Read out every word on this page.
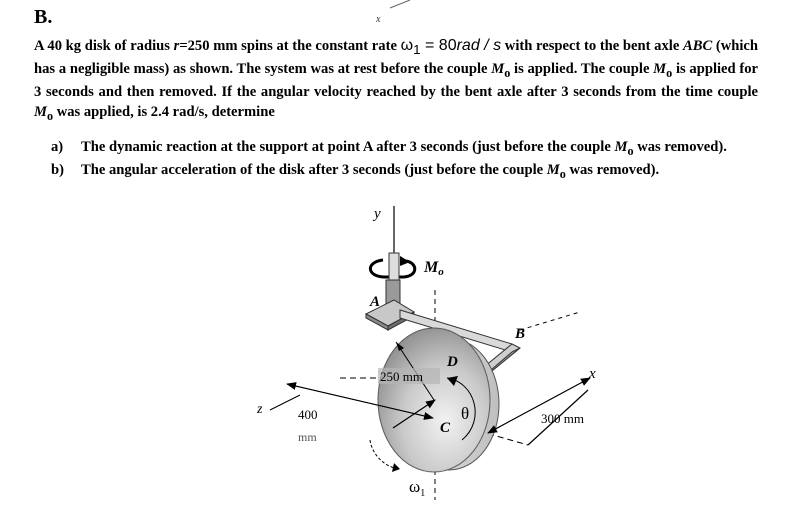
B.
A 40 kg disk of radius r=250 mm spins at the constant rate $\omega_1 = 80rad / s$ with respect to the bent axle ABC (which has a negligible mass) as shown. The system was at rest before the couple $M_o$ is applied. The couple $M_o$ is applied for 3 seconds and then removed. If the angular velocity reached by the bent axle after 3 seconds from the time couple $M_o$ was applied, is 2.4 rad/s, determine
a)	The dynamic reaction at the support at point A after 3 seconds (just before the couple $M_o$ was removed).
b)	The angular acceleration of the disk after 3 seconds (just before the couple $M_o$ was removed).
x
y
Mo
A
B
250 mm
D
θ
C
x
z	400
mm
300 mm
$\omega_1$
